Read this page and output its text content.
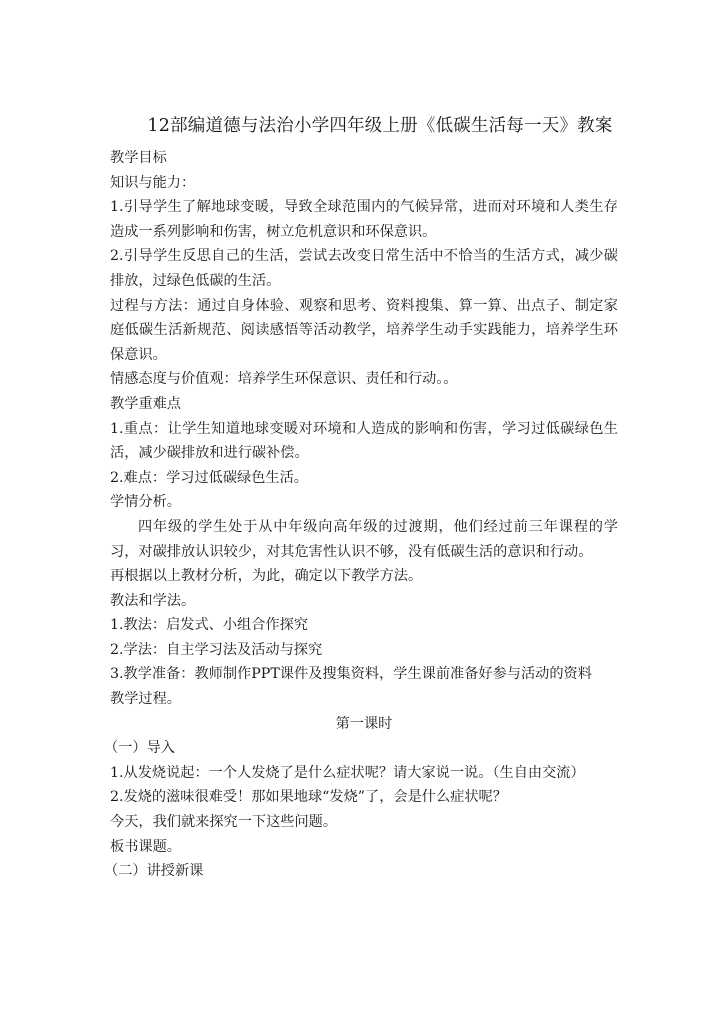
12部编道德与法治小学四年级上册《低碳生活每一天》教案

教学目标

知识与能力：

1.引导学生了解地球变暖，导致全球范围内的气候异常，进而对环境和人类生存造成一系列影响和伤害，树立危机意识和环保意识。

2.引导学生反思自己的生活，尝试去改变日常生活中不恰当的生活方式，减少碳排放，过绿色低碳的生活。

过程与方法：通过自身体验、观察和思考、资料搜集、算一算、出点子、制定家庭低碳生活新规范、阅读感悟等活动教学，培养学生动手实践能力，培养学生环保意识。

情感态度与价值观：培养学生环保意识、责任和行动。。

教学重难点

1.重点：让学生知道地球变暖对环境和人造成的影响和伤害，学习过低碳绿色生活，减少碳排放和进行碳补偿。

2.难点：学习过低碳绿色生活。

学情分析。

四年级的学生处于从中年级向高年级的过渡期，他们经过前三年课程的学习，对碳排放认识较少，对其危害性认识不够，没有低碳生活的意识和行动。

再根据以上教材分析，为此，确定以下教学方法。

教法和学法。

1.教法：启发式、小组合作探究

2.学法：自主学习法及活动与探究

3.教学准备：教师制作PPT课件及搜集资料，学生课前准备好参与活动的资料

教学过程。

第一课时

（一）导入

1.从发烧说起：一个人发烧了是什么症状呢？请大家说一说。（生自由交流）

2.发烧的滋味很难受！那如果地球“发烧”了，会是什么症状呢？

今天，我们就来探究一下这些问题。

板书课题。

（二）讲授新课
